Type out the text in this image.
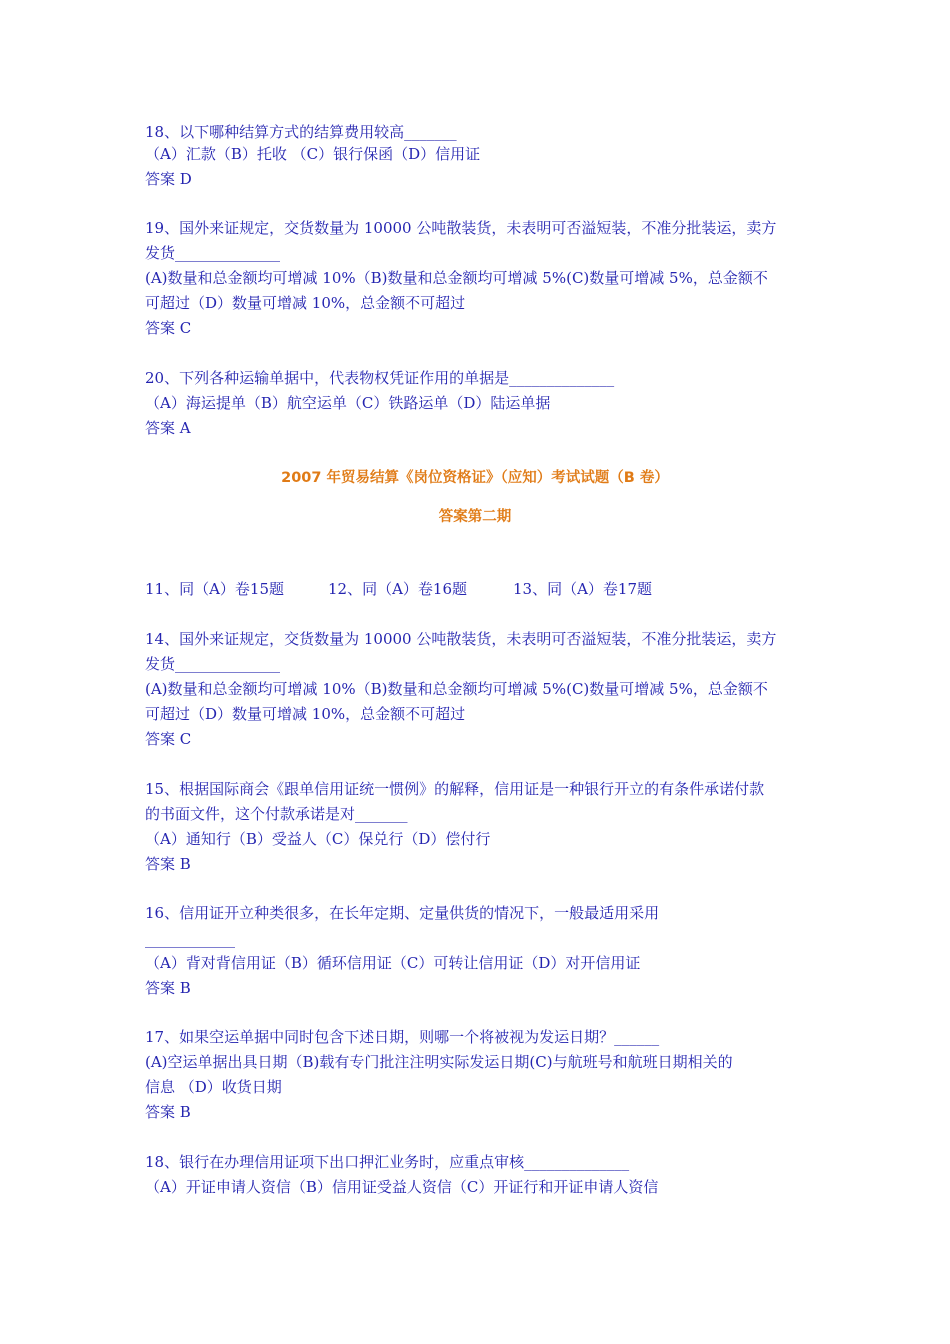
18、以下哪种结算方式的结算费用较高_______
（A）汇款（B）托收 （C）银行保函（D）信用证
答案 D
19、国外来证规定，交货数量为 10000 公吨散装货，未表明可否溢短装，不准分批装运，卖方
发货______________
(A)数量和总金额均可增减 10%（B)数量和总金额均可增减 5%(C)数量可增减 5%，总金额不
可超过（D）数量可增减 10%，总金额不可超过
答案 C
20、下列各种运输单据中，代表物权凭证作用的单据是______________
（A）海运提单（B）航空运单（C）铁路运单（D）陆运单据
答案 A
2007 年贸易结算《岗位资格证》（应知）考试试题（B 卷）
答案第二期
11、同（A）卷15题	12、同（A）卷16题	13、同（A）卷17题
14、国外来证规定，交货数量为 10000 公吨散装货，未表明可否溢短装，不准分批装运，卖方
发货______________
(A)数量和总金额均可增减 10%（B)数量和总金额均可增减 5%(C)数量可增减 5%，总金额不
可超过（D）数量可增减 10%，总金额不可超过
答案 C
15、根据国际商会《跟单信用证统一惯例》的解释，信用证是一种银行开立的有条件承诺付款
的书面文件，这个付款承诺是对_______
（A）通知行（B）受益人（C）保兑行（D）偿付行
答案 B
16、信用证开立种类很多，在长年定期、定量供货的情况下，一般最适用采用
____________
（A）背对背信用证（B）循环信用证（C）可转让信用证（D）对开信用证
答案 B
17、如果空运单据中同时包含下述日期，则哪一个将被视为发运日期？______
(A)空运单据出具日期（B)载有专门批注注明实际发运日期(C)与航班号和航班日期相关的
信息 （D）收货日期
答案 B
18、银行在办理信用证项下出口押汇业务时，应重点审核______________
（A）开证申请人资信（B）信用证受益人资信（C）开证行和开证申请人资信
